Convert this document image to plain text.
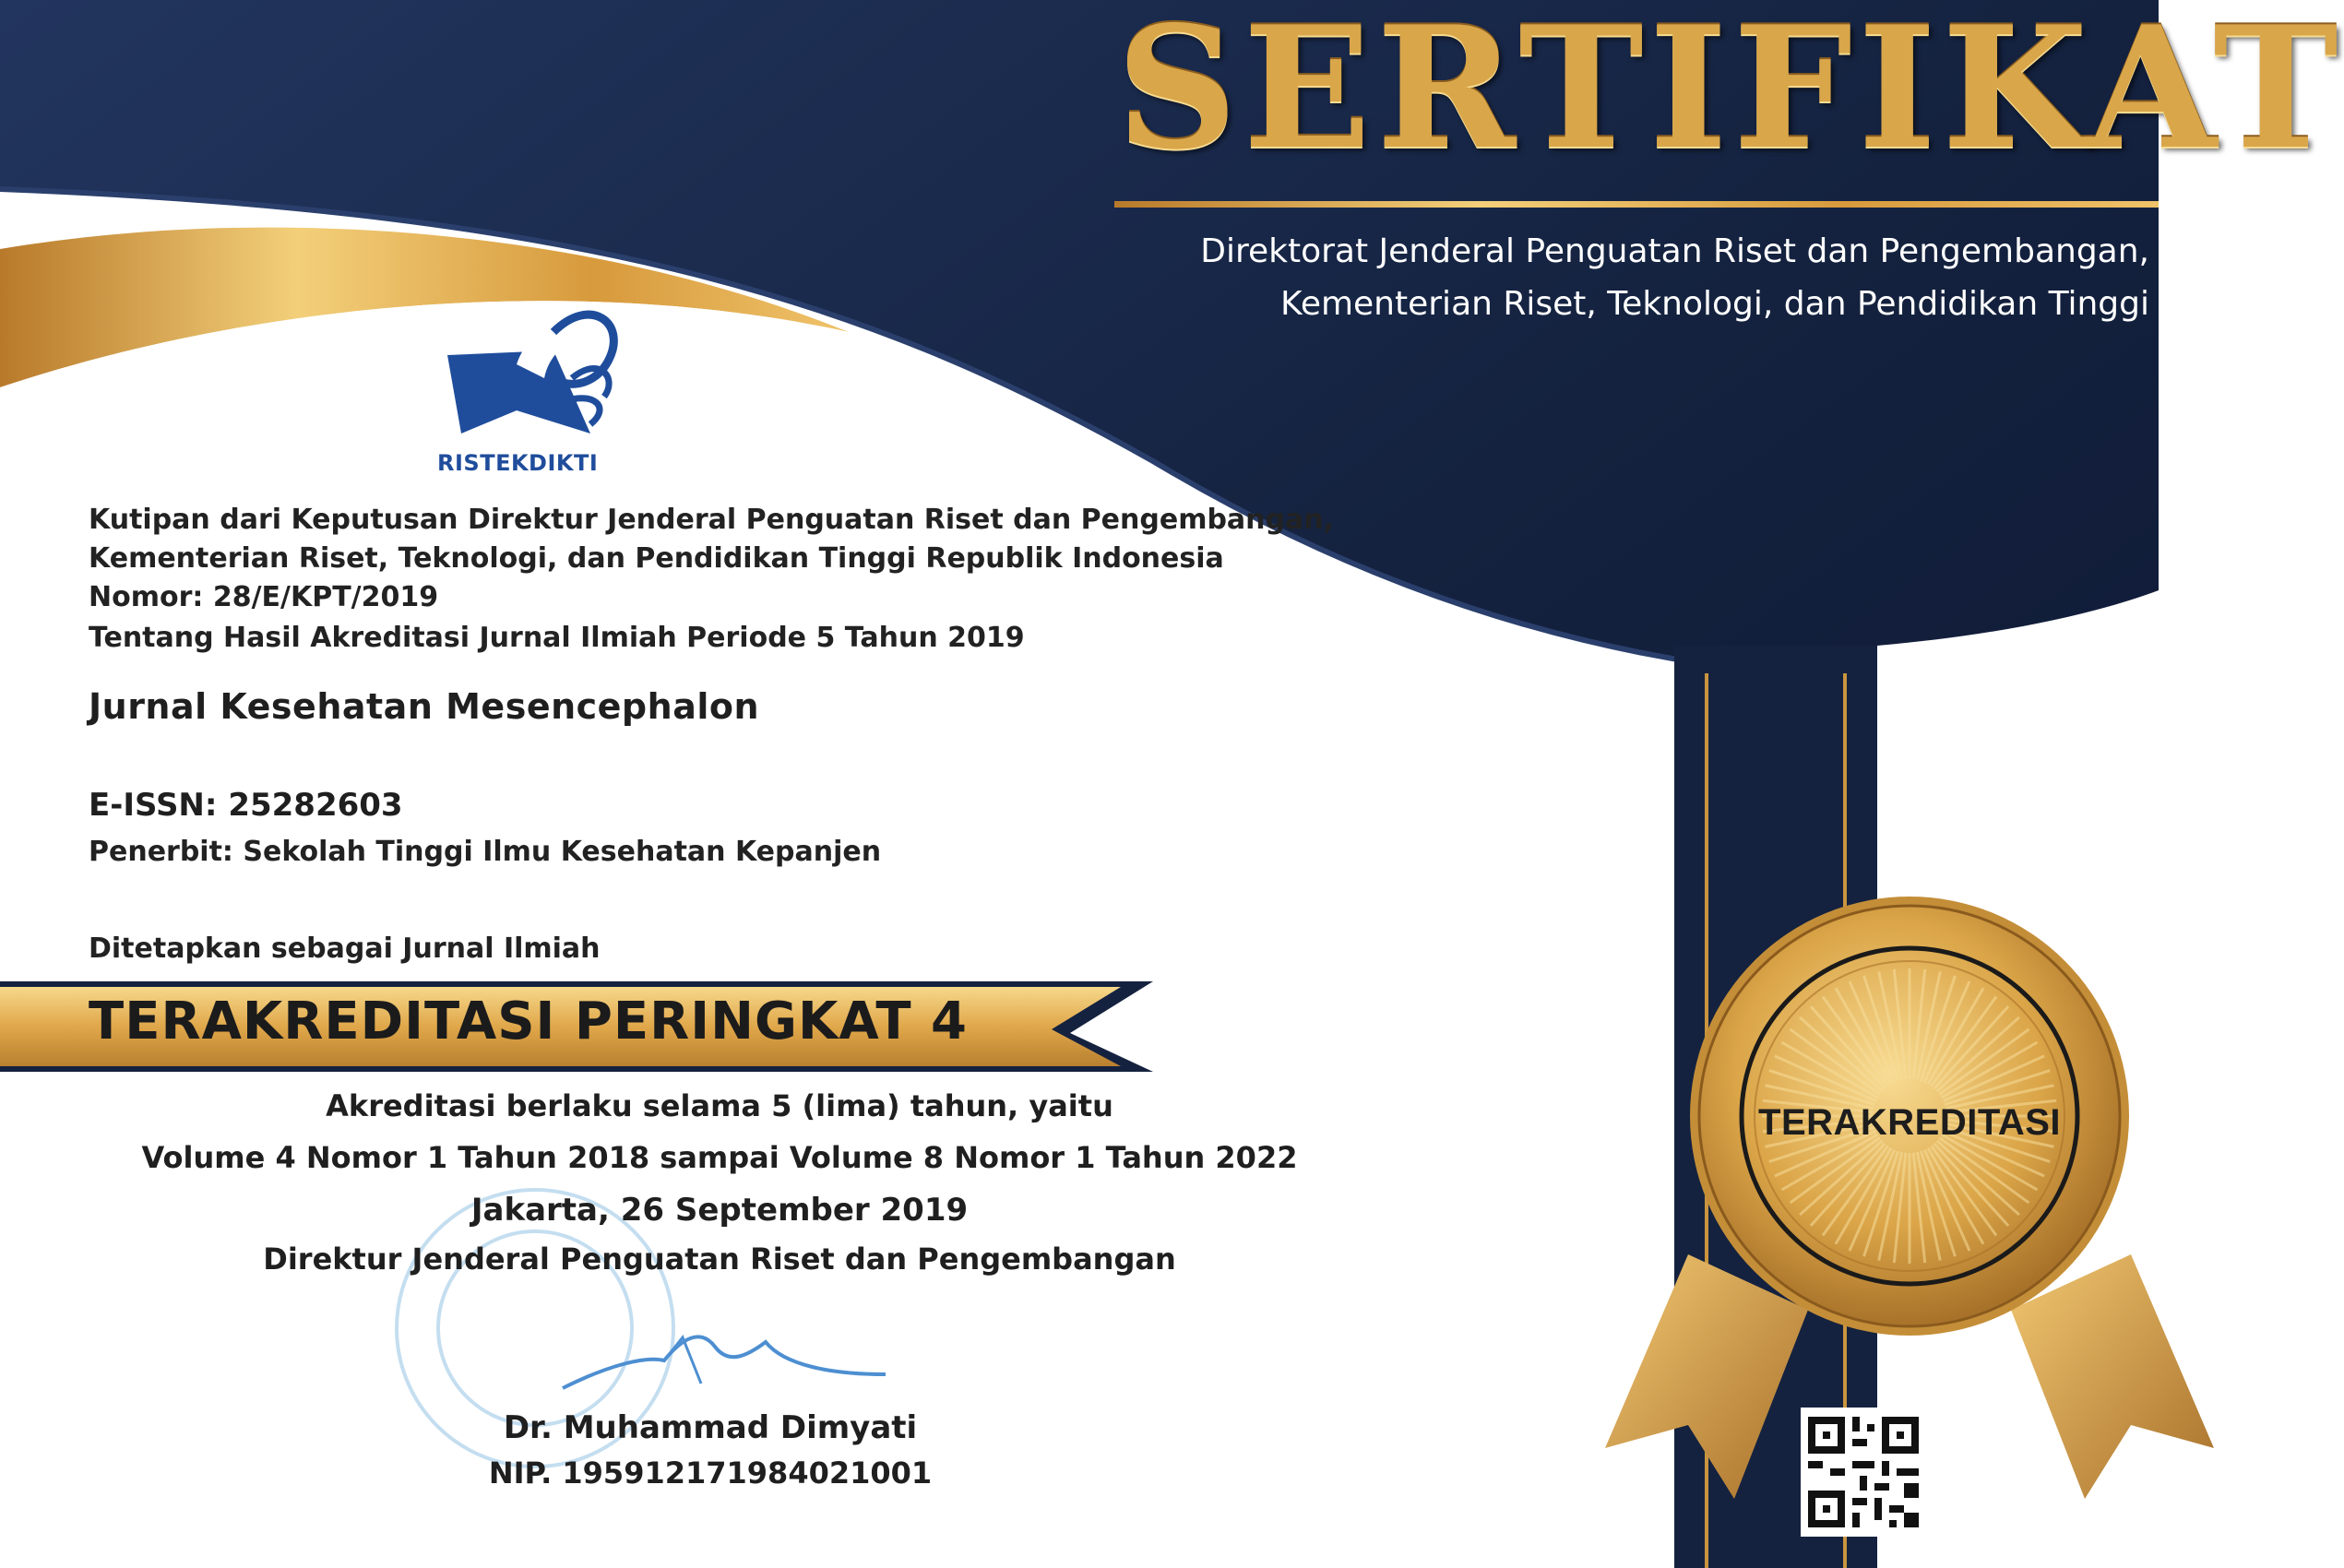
SERTIFIKAT

Direktorat Jenderal Penguatan Riset dan Pengembangan,

Kementerian Riset, Teknologi, dan Pendidikan Tinggi

RISTEKDIKTI

Kutipan dari Keputusan Direktur Jenderal Penguatan Riset dan Pengembangan,

Kementerian Riset, Teknologi, dan Pendidikan Tinggi Republik Indonesia

Nomor: 28/E/KPT/2019

Tentang Hasil Akreditasi Jurnal Ilmiah Periode 5 Tahun 2019

Jurnal Kesehatan Mesencephalon

E-ISSN: 25282603

Penerbit: Sekolah Tinggi Ilmu Kesehatan Kepanjen

Ditetapkan sebagai Jurnal Ilmiah

TERAKREDITASI PERINGKAT 4

Akreditasi berlaku selama 5 (lima) tahun, yaitu

Volume 4 Nomor 1 Tahun 2018 sampai Volume 8 Nomor 1 Tahun 2022

Jakarta, 26 September 2019

Direktur Jenderal Penguatan Riset dan Pengembangan

Dr. Muhammad Dimyati

NIP. 195912171984021001

TERAKREDITASI
